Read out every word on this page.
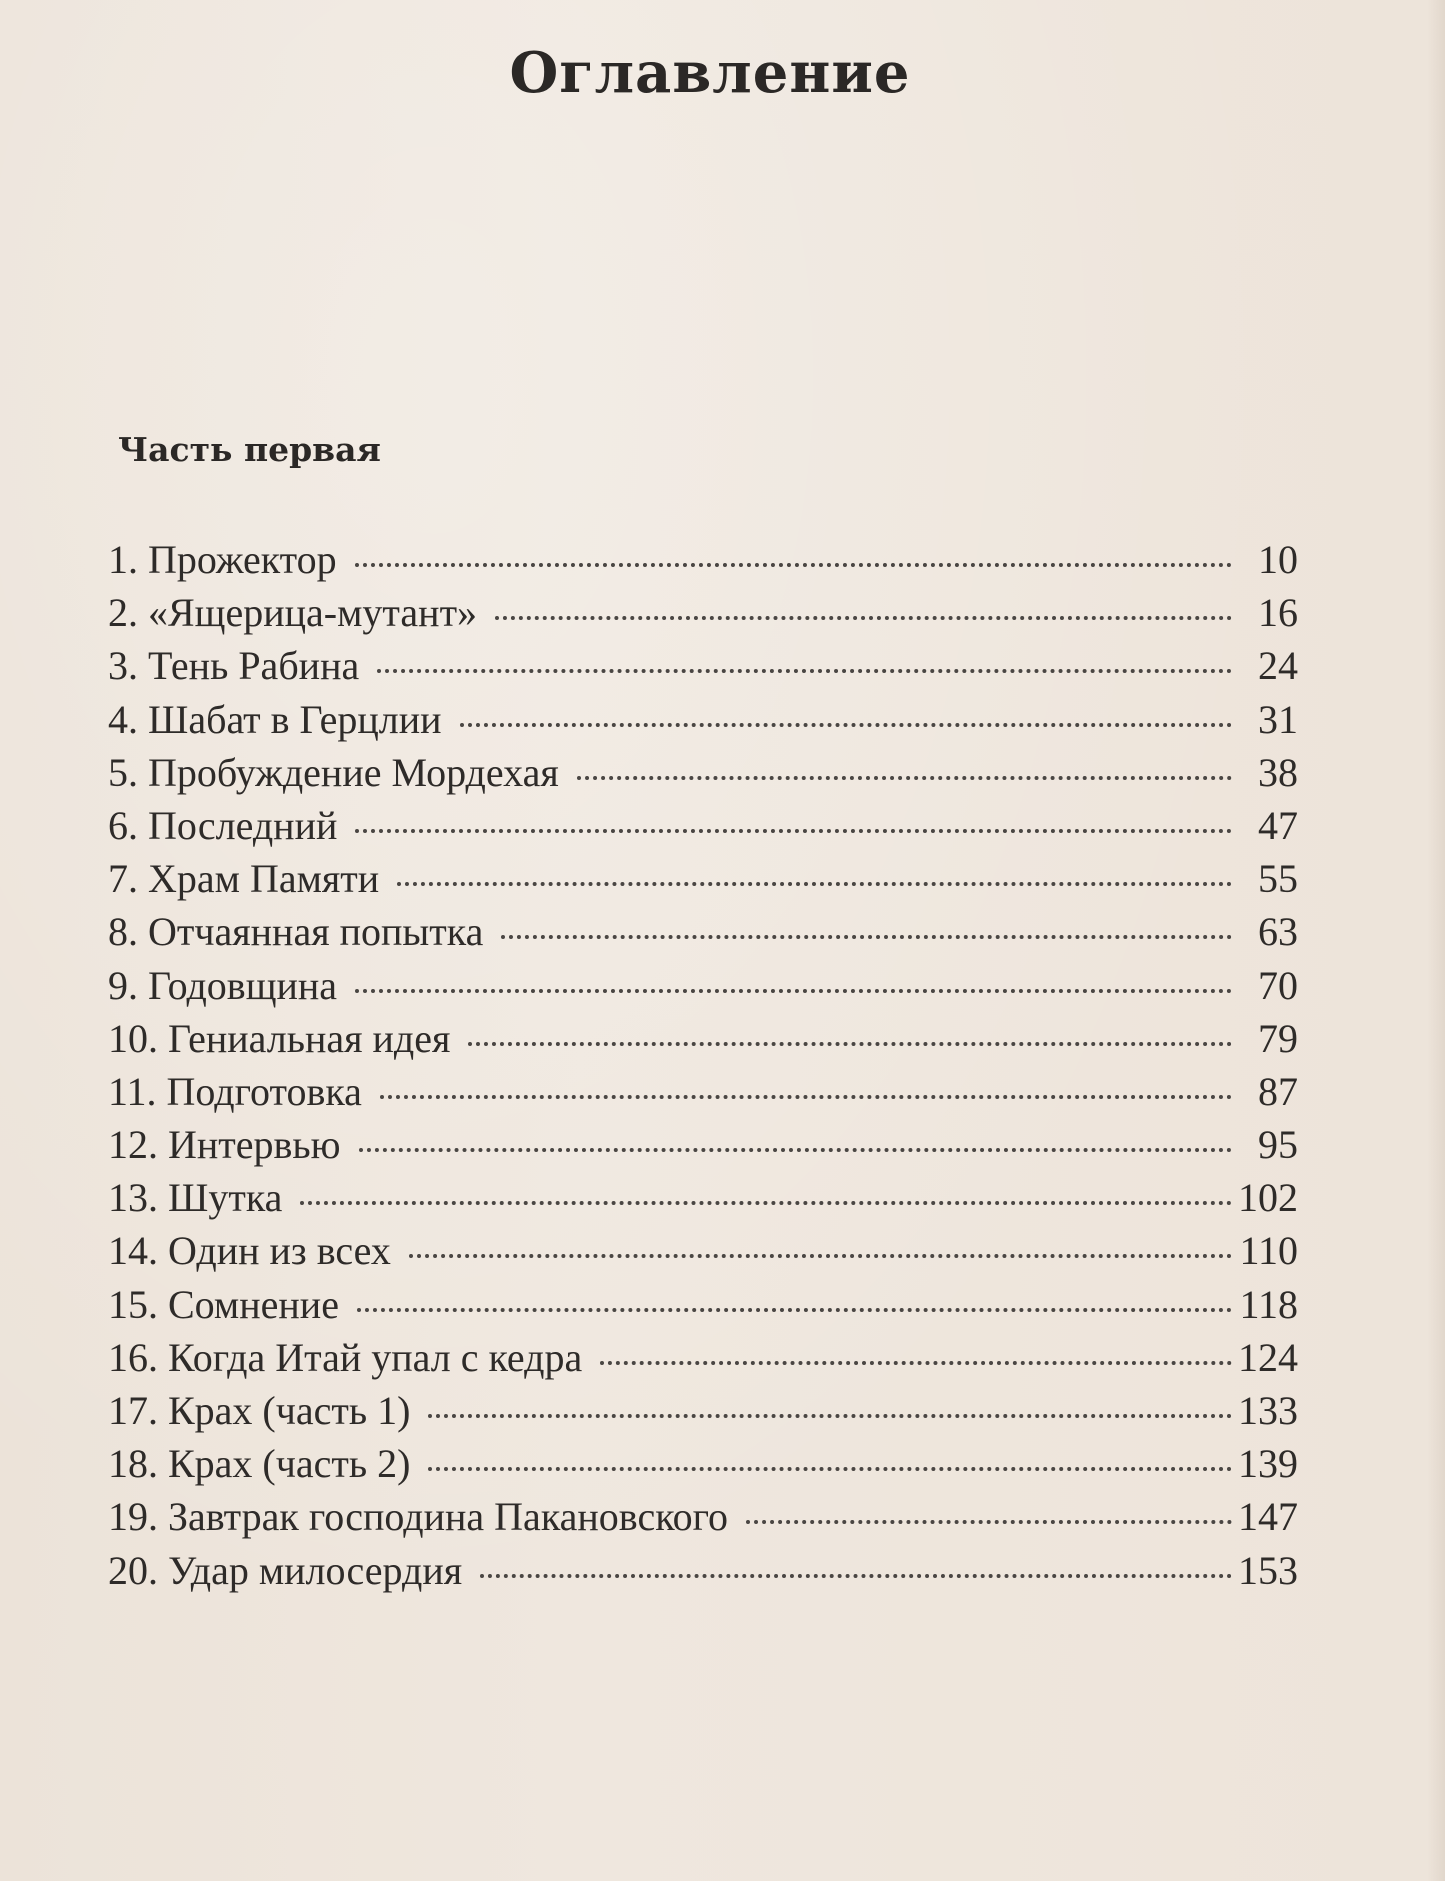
Оглавление
Часть первая
1. Прожектор	10
2. «Ящерица-мутант»	16
3. Тень Рабина	24
4. Шабат в Герцлии	31
5. Пробуждение Мордехая	38
6. Последний	47
7. Храм Памяти	55
8. Отчаянная попытка	63
9. Годовщина	70
10. Гениальная идея	79
11. Подготовка	87
12. Интервью	95
13. Шутка	102
14. Один из всех	110
15. Сомнение	118
16. Когда Итай упал с кедра	124
17. Крах (часть 1)	133
18. Крах (часть 2)	139
19. Завтрак господина Пакановского	147
20. Удар милосердия	153
